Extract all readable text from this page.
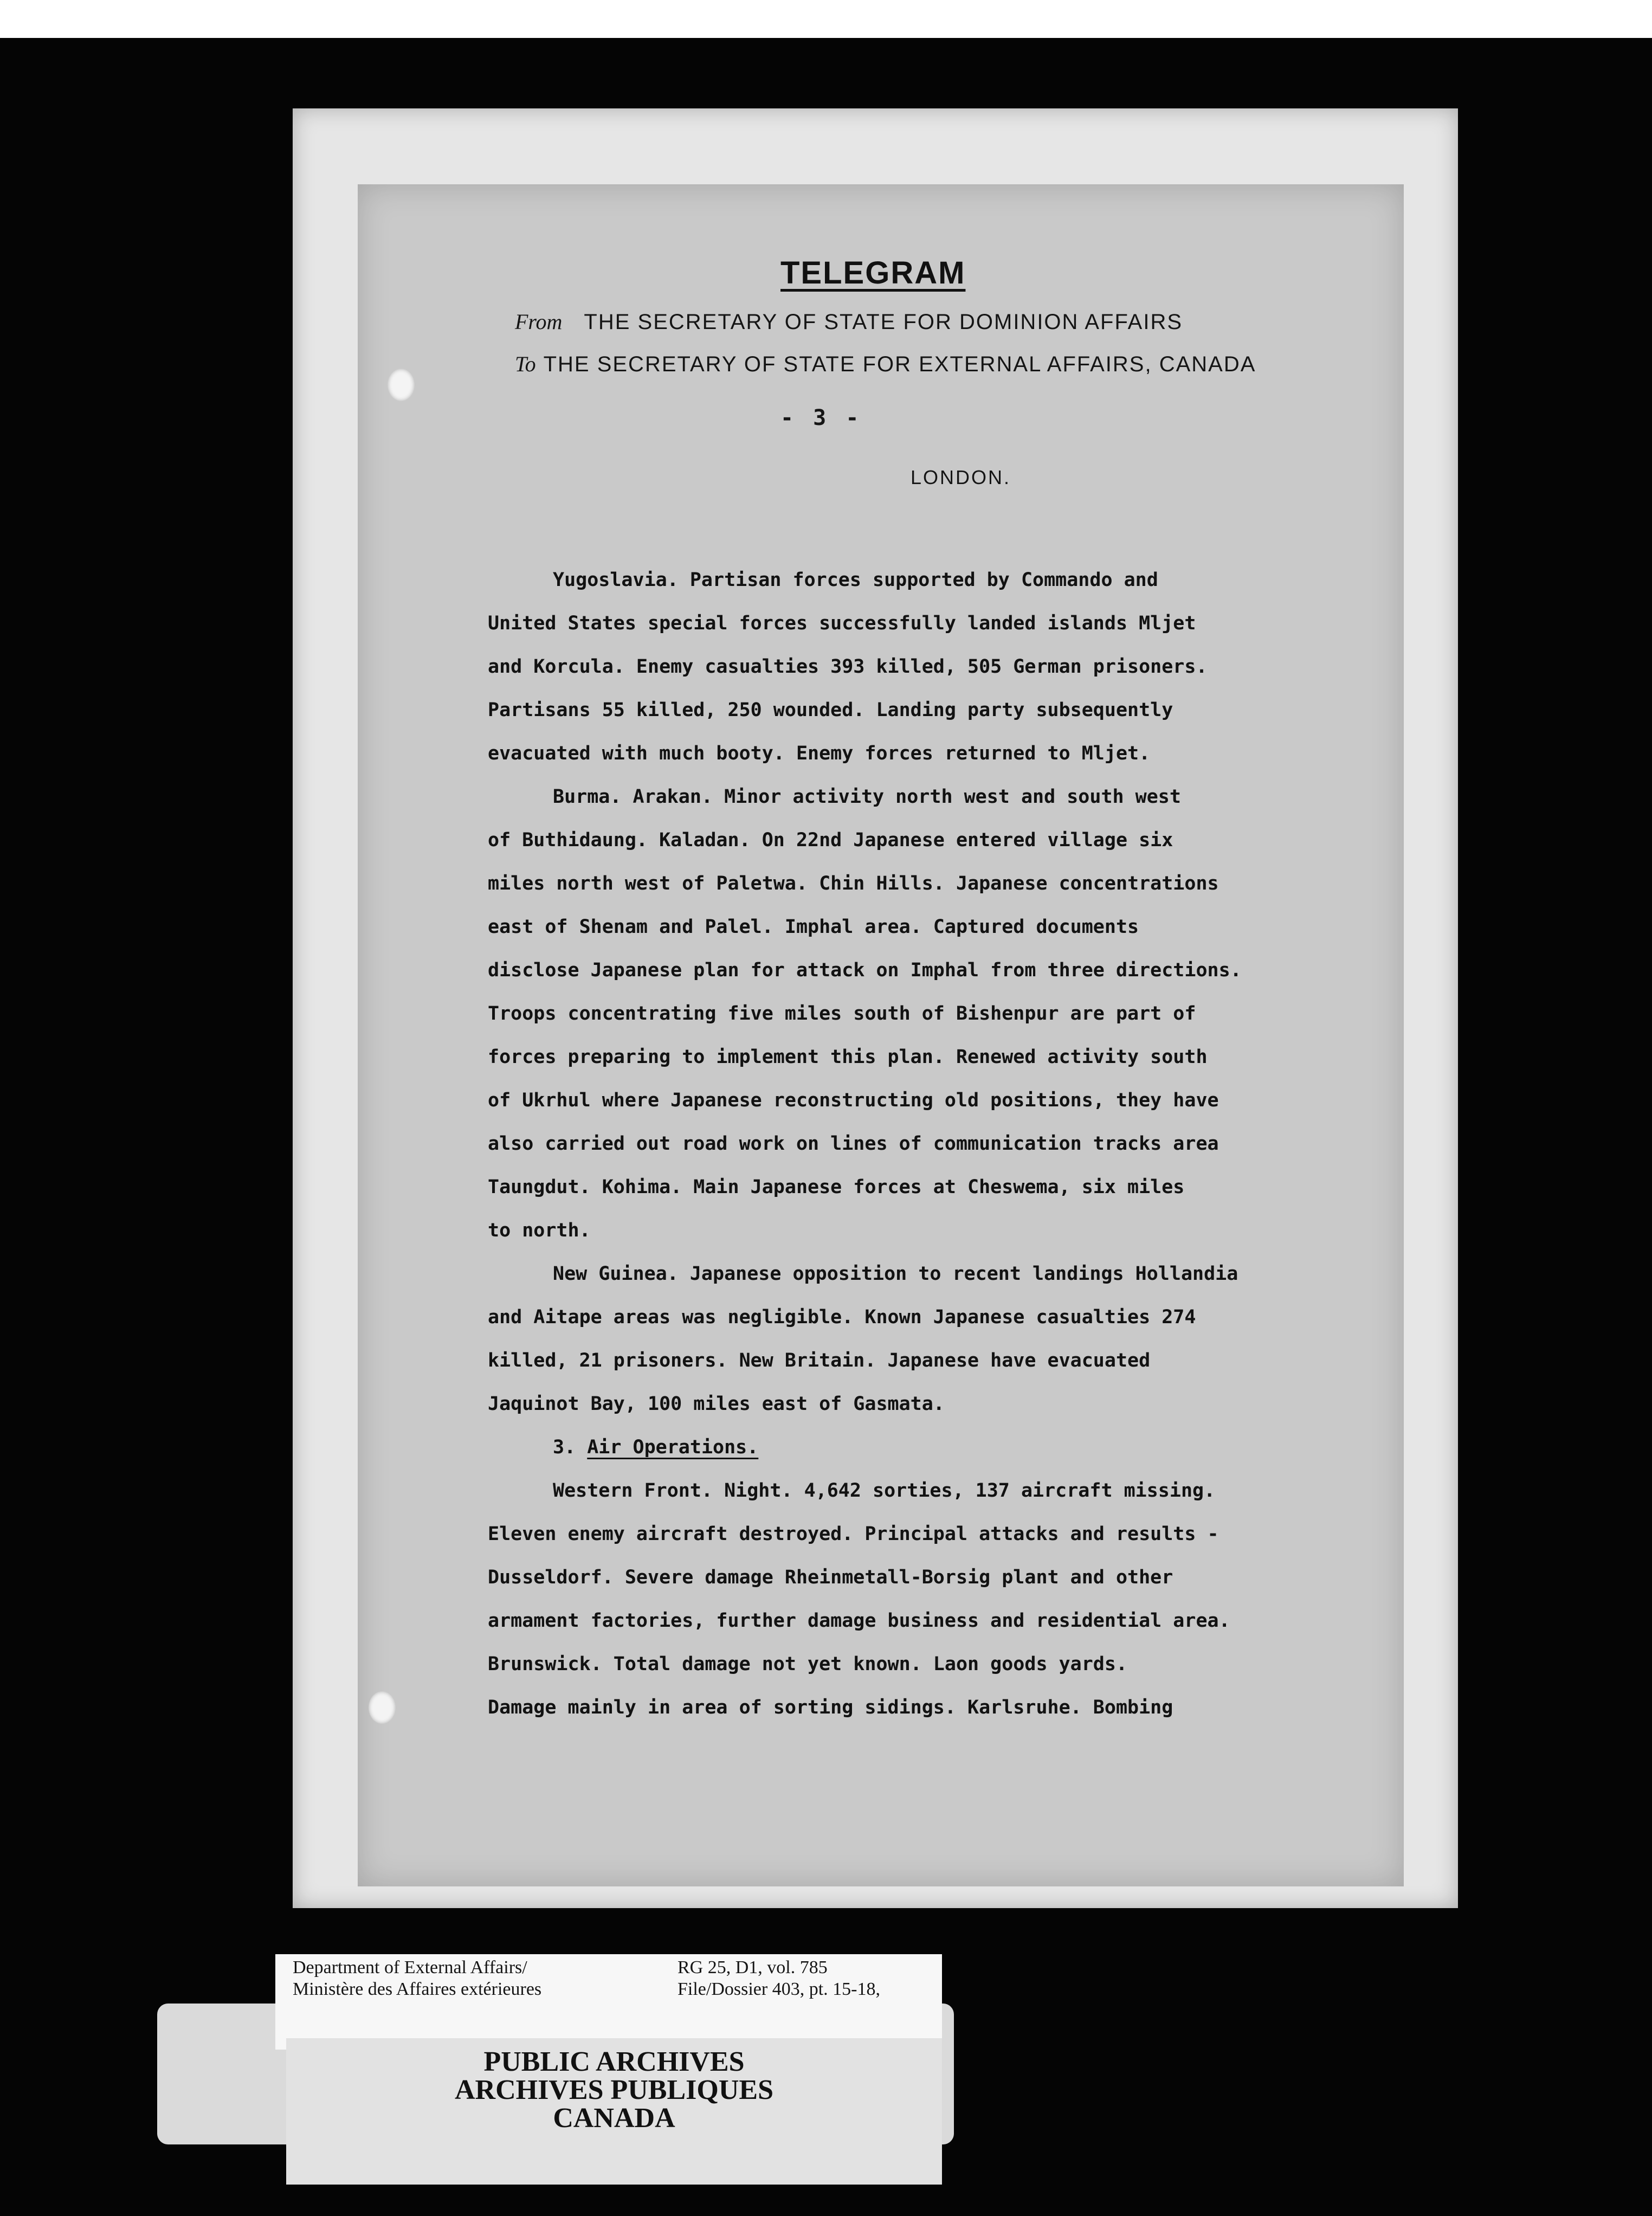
TELEGRAM
From THE SECRETARY OF STATE FOR DOMINION AFFAIRS
To THE SECRETARY OF STATE FOR EXTERNAL AFFAIRS, CANADA
- 3 -
LONDON.
Yugoslavia. Partisan forces supported by Commando and
United States special forces successfully landed islands Mljet
and Korcula. Enemy casualties 393 killed, 505 German prisoners.
Partisans 55 killed, 250 wounded. Landing party subsequently
evacuated with much booty. Enemy forces returned to Mljet.
Burma. Arakan. Minor activity north west and south west
of Buthidaung. Kaladan. On 22nd Japanese entered village six
miles north west of Paletwa. Chin Hills. Japanese concentrations
east of Shenam and Palel. Imphal area. Captured documents
disclose Japanese plan for attack on Imphal from three directions.
Troops concentrating five miles south of Bishenpur are part of
forces preparing to implement this plan. Renewed activity south
of Ukrhul where Japanese reconstructing old positions, they have
also carried out road work on lines of communication tracks area
Taungdut. Kohima. Main Japanese forces at Cheswema, six miles
to north.
New Guinea. Japanese opposition to recent landings Hollandia
and Aitape areas was negligible. Known Japanese casualties 274
killed, 21 prisoners. New Britain. Japanese have evacuated
Jaquinot Bay, 100 miles east of Gasmata.
3. Air Operations.
Western Front. Night. 4,642 sorties, 137 aircraft missing.
Eleven enemy aircraft destroyed. Principal attacks and results -
Dusseldorf. Severe damage Rheinmetall-Borsig plant and other
armament factories, further damage business and residential area.
Brunswick. Total damage not yet known. Laon goods yards.
Damage mainly in area of sorting sidings. Karlsruhe. Bombing
Department of External Affairs/
Ministère des Affaires extérieures
RG 25, D1, vol. 785
File/Dossier 403, pt. 15-18,
PUBLIC ARCHIVES
ARCHIVES PUBLIQUES
CANADA
